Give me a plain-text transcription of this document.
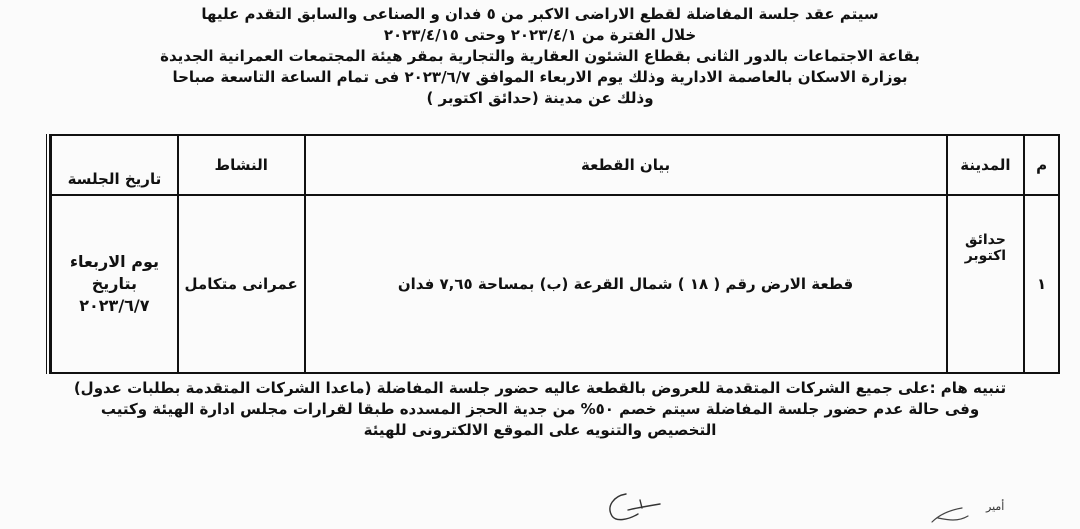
سيتم عقد جلسة المفاضلة لقطع الاراضى الاكبر من ٥ فدان و الصناعى والسابق التقدم عليها
خلال الفترة من ٢٠٢٣/٤/١ وحتى ٢٠٢٣/٤/١٥
بقاعة الاجتماعات بالدور الثانى بقطاع الشئون العقارية والتجارية بمقر هيئة المجتمعات العمرانية الجديدة
بوزارة الاسكان بالعاصمة الادارية وذلك يوم الاربعاء الموافق ٢٠٢٣/٦/٧ فى تمام الساعة التاسعة صباحا
وذلك عن مدينة (حدائق اكتوبر )
م	المدينة	بيان القطعة	النشاط	تاريخ الجلسة
١	حدائق اكتوبر	قطعة الارض رقم ( ١٨ ) شمال القرعة (ب) بمساحة ٧,٦٥ فدان	عمرانى متكامل	يوم الاربعاء
بتاريخ
٢٠٢٣/٦/٧
تنبيه هام :على جميع الشركات المتقدمة للعروض بالقطعة عاليه حضور جلسة المفاضلة (ماعدا الشركات المتقدمة بطلبات عدول)
وفى حالة عدم حضور جلسة المفاضلة سيتم خصم ٥٠% من جدية الحجز المسدده طبقا لقرارات مجلس ادارة الهيئة وكتيب
التخصيص والتنويه على الموقع الالكترونى للهيئة
أمير
